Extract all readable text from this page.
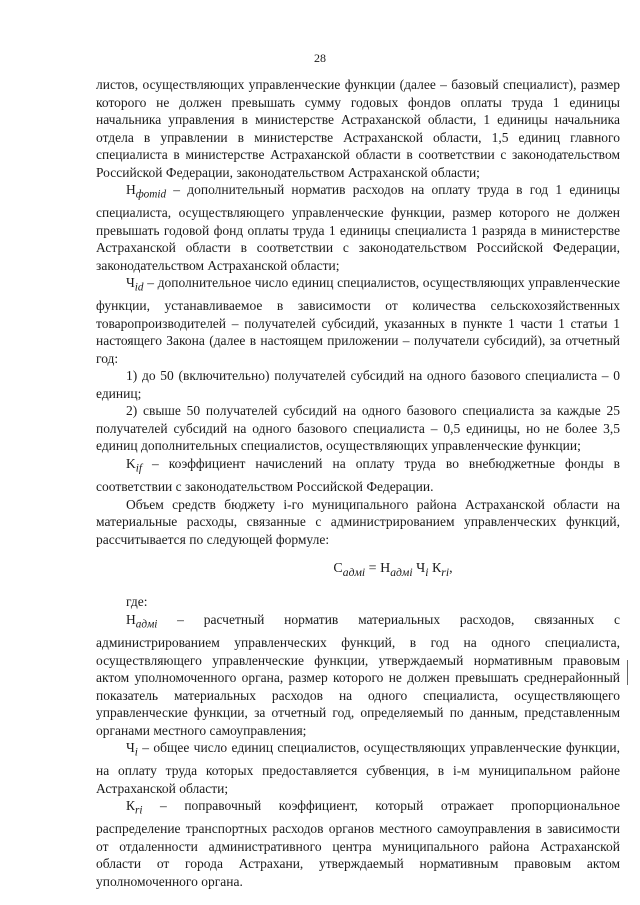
28

листов, осуществляющих управленческие функции (далее – базовый специалист), размер которого не должен превышать сумму годовых фондов оплаты труда 1 единицы начальника управления в министерстве Астраханской области, 1 единицы начальника отдела в управлении в министерстве Астраханской области, 1,5 единиц главного специалиста в министерстве Астраханской области в соответствии с законодательством Российской Федерации, законодательством Астраханской области;

$Н_{фотid}$ – дополнительный норматив расходов на оплату труда в год 1 единицы специалиста, осуществляющего управленческие функции, размер которого не должен превышать годовой фонд оплаты труда 1 единицы специалиста 1 разряда в министерстве Астраханской области в соответствии с законодательством Российской Федерации, законодательством Астраханской области;

$Ч_{id}$ – дополнительное число единиц специалистов, осуществляющих управленческие функции, устанавливаемое в зависимости от количества сельскохозяйственных товаропроизводителей – получателей субсидий, указанных в пункте 1 части 1 статьи 1 настоящего Закона (далее в настоящем приложении – получатели субсидий), за отчетный год:

1) до 50 (включительно) получателей субсидий на одного базового специалиста – 0 единиц;

2) свыше 50 получателей субсидий на одного базового специалиста за каждые 25 получателей субсидий на одного базового специалиста – 0,5 единицы, но не более 3,5 единиц дополнительных специалистов, осуществляющих управленческие функции;

$K_{if}$ – коэффициент начислений на оплату труда во внебюджетные фонды в соответствии с законодательством Российской Федерации.

Объем средств бюджету i-го муниципального района Астраханской области на материальные расходы, связанные с администрированием управленческих функций, рассчитывается по следующей формуле:

$С_{адмi} = Н_{адмi}$ $Ч_i$ $К_{ri}$,

где:

$Н_{адмi}$ – расчетный норматив материальных расходов, связанных с администрированием управленческих функций, в год на одного специалиста, осуществляющего управленческие функции, утверждаемый нормативным правовым актом уполномоченного органа, размер которого не должен превышать среднерайонный показатель материальных расходов на одного специалиста, осуществляющего управленческие функции, за отчетный год, определяемый по данным, представленным органами местного самоуправления;

$Ч_i$ – общее число единиц специалистов, осуществляющих управленческие функции, на оплату труда которых предоставляется субвенция, в i-м муниципальном районе Астраханской области;

$К_{ri}$ – поправочный коэффициент, который отражает пропорциональное распределение транспортных расходов органов местного самоуправления в зависимости от отдаленности административного центра муниципального района Астраханской области от города Астрахани, утверждаемый нормативным правовым актом уполномоченного органа.
